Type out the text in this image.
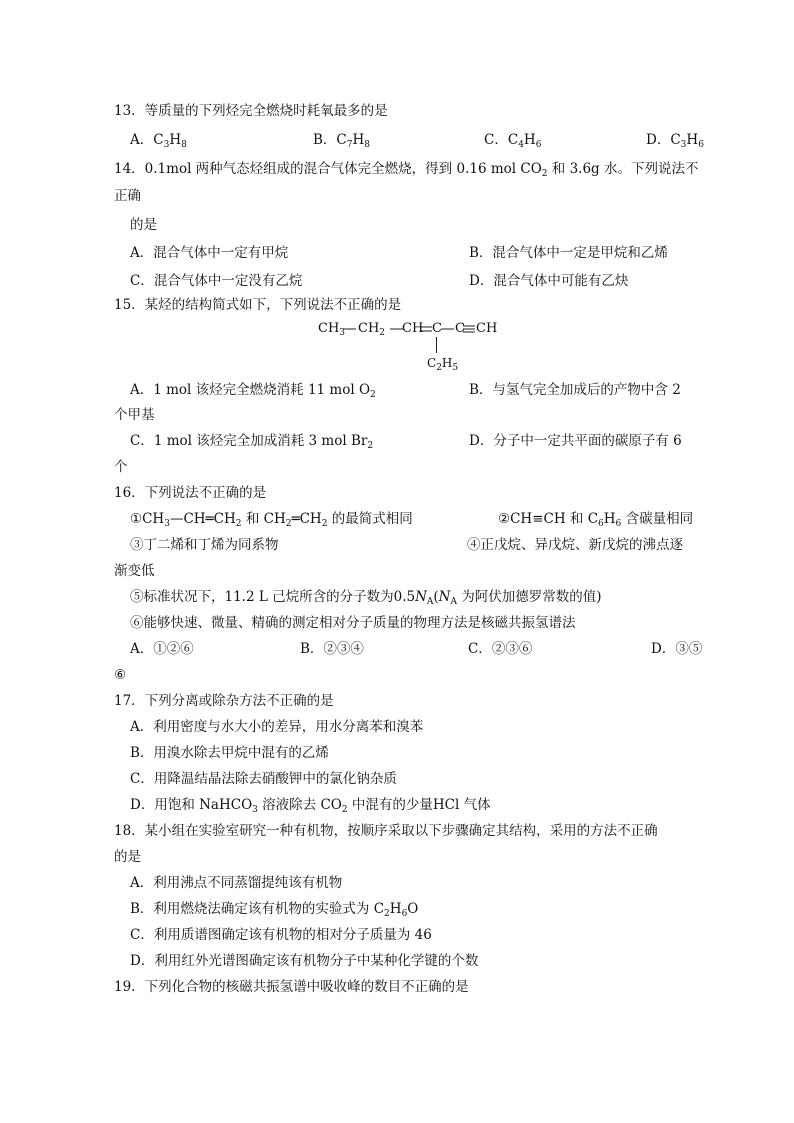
13．等质量的下列烃完全燃烧时耗氧最多的是
A．$C_3H_8$	B．$C_7H_8$	C．$C_4H_6$	D．$C_3H_6$
14．0.1mol 两种气态烃组成的混合气体完全燃烧，得到 0.16 mol $CO_2$ 和 3.6g 水。下列说法不
正确
的是
A．混合气体中一定有甲烷	B．混合气体中一定是甲烷和乙烯
C．混合气体中一定没有乙烷	D．混合气体中可能有乙炔
15．某烃的结构简式如下，下列说法不正确的是
$CH_3$ $CH_2$ CH C C CH
$C_2H_5$
A．1 mol 该烃完全燃烧消耗 11 mol $O_2$	B．与氢气完全加成后的产物中含 2
个甲基
C．1 mol 该烃完全加成消耗 3 mol $Br_2$	D．分子中一定共平面的碳原子有 6
个
16．下列说法不正确的是
$①CH_3—CH═CH_2$ 和 $CH_2═CH_2$ 的最简式相同	②CH≡CH 和 $C_6H_6$ 含碳量相同
③丁二烯和丁烯为同系物	④正戊烷、异戊烷、新戊烷的沸点逐
渐变低
⑤标准状况下，11.2 L 己烷所含的分子数为$0.5N_A(N_A$ 为阿伏加德罗常数的值)
⑥能够快速、微量、精确的测定相对分子质量的物理方法是核磁共振氢谱法
A．①②⑥	B．②③④	C．②③⑥	D．③⑤
⑥
17．下列分离或除杂方法不正确的是
A．利用密度与水大小的差异，用水分离苯和溴苯
B．用溴水除去甲烷中混有的乙烯
C．用降温结晶法除去硝酸钾中的氯化钠杂质
D．用饱和 NaHCO$_3$ 溶液除去 $CO_2$ 中混有的少量HCl 气体
18．某小组在实验室研究一种有机物，按顺序采取以下步骤确定其结构，采用的方法不正确
的是
A．利用沸点不同蒸馏提纯该有机物
B．利用燃烧法确定该有机物的实验式为 $C_2H_6O$
C．利用质谱图确定该有机物的相对分子质量为 46
D．利用红外光谱图确定该有机物分子中某种化学键的个数
19．下列化合物的核磁共振氢谱中吸收峰的数目不正确的是
